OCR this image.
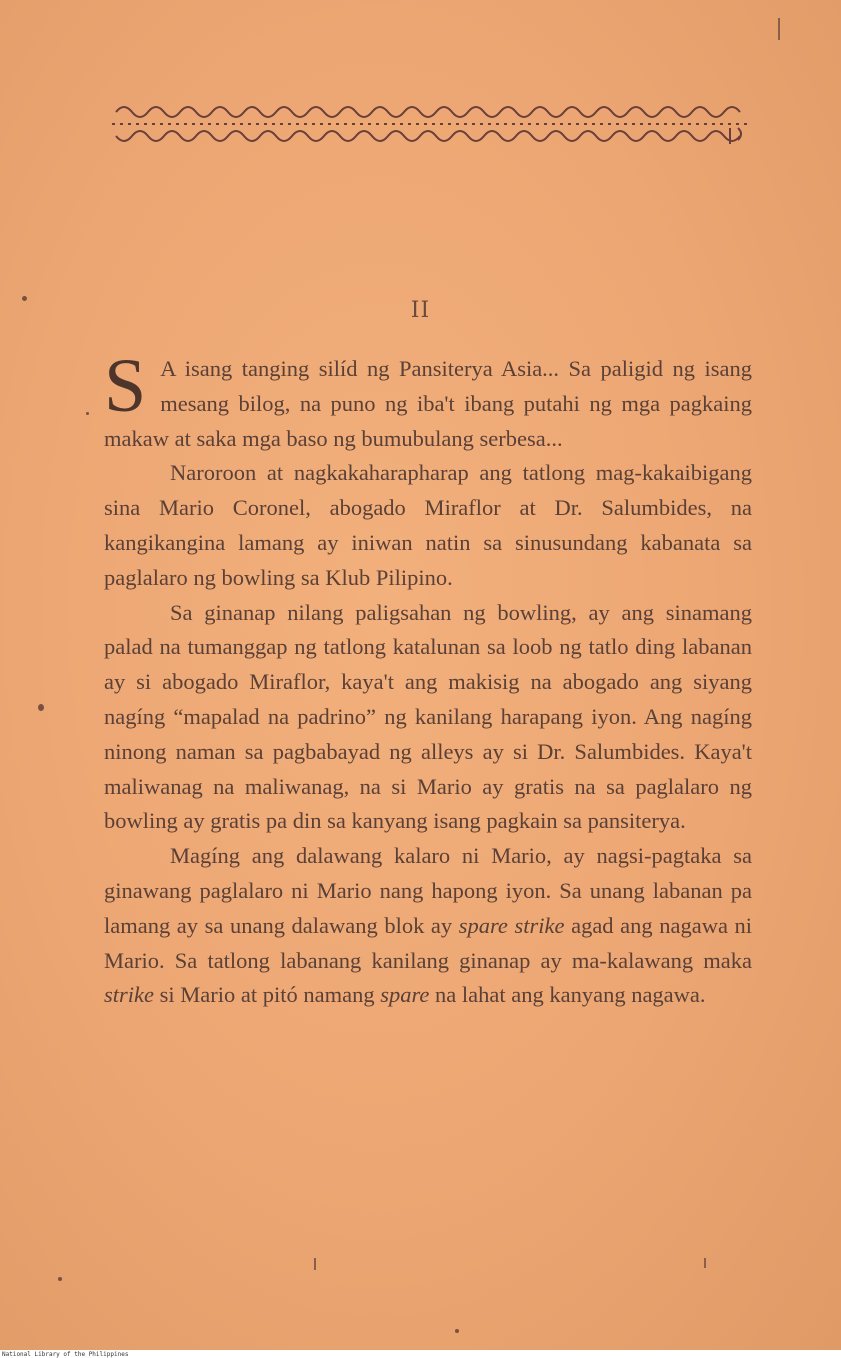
II

S A isang tanging silíd ng Pansiterya Asia... Sa paligid ng isang mesang bilog, na puno ng iba't ibang putahi ng mga pagkaing makaw at saka mga baso ng bumubulang serbesa...

Naroroon at nagkakaharapharap ang tatlong mag-kakaibigang sina Mario Coronel, abogado Miraflor at Dr. Salumbides, na kangikangina lamang ay iniwan natin sa sinusundang kabanata sa paglalaro ng bowling sa Klub Pilipino.

Sa ginanap nilang paligsahan ng bowling, ay ang sinamang palad na tumanggap ng tatlong katalunan sa loob ng tatlo ding labanan ay si abogado Miraflor, kaya't ang makisig na abogado ang siyang nagíng “mapalad na padrino” ng kanilang harapang iyon. Ang nagíng ninong naman sa pagbabayad ng alleys ay si Dr. Salumbides. Kaya't maliwanag na maliwanag, na si Mario ay gratis na sa paglalaro ng bowling ay gratis pa din sa kanyang isang pagkain sa pansiterya.

Magíng ang dalawang kalaro ni Mario, ay nagsi-pagtaka sa ginawang paglalaro ni Mario nang hapong iyon. Sa unang labanan pa lamang ay sa unang dalawang blok ay spare strike agad ang nagawa ni Mario. Sa tatlong labanang kanilang ginanap ay ma-kalawang maka strike si Mario at pitó namang spare na lahat ang kanyang nagawa.

National Library of the Philippines
